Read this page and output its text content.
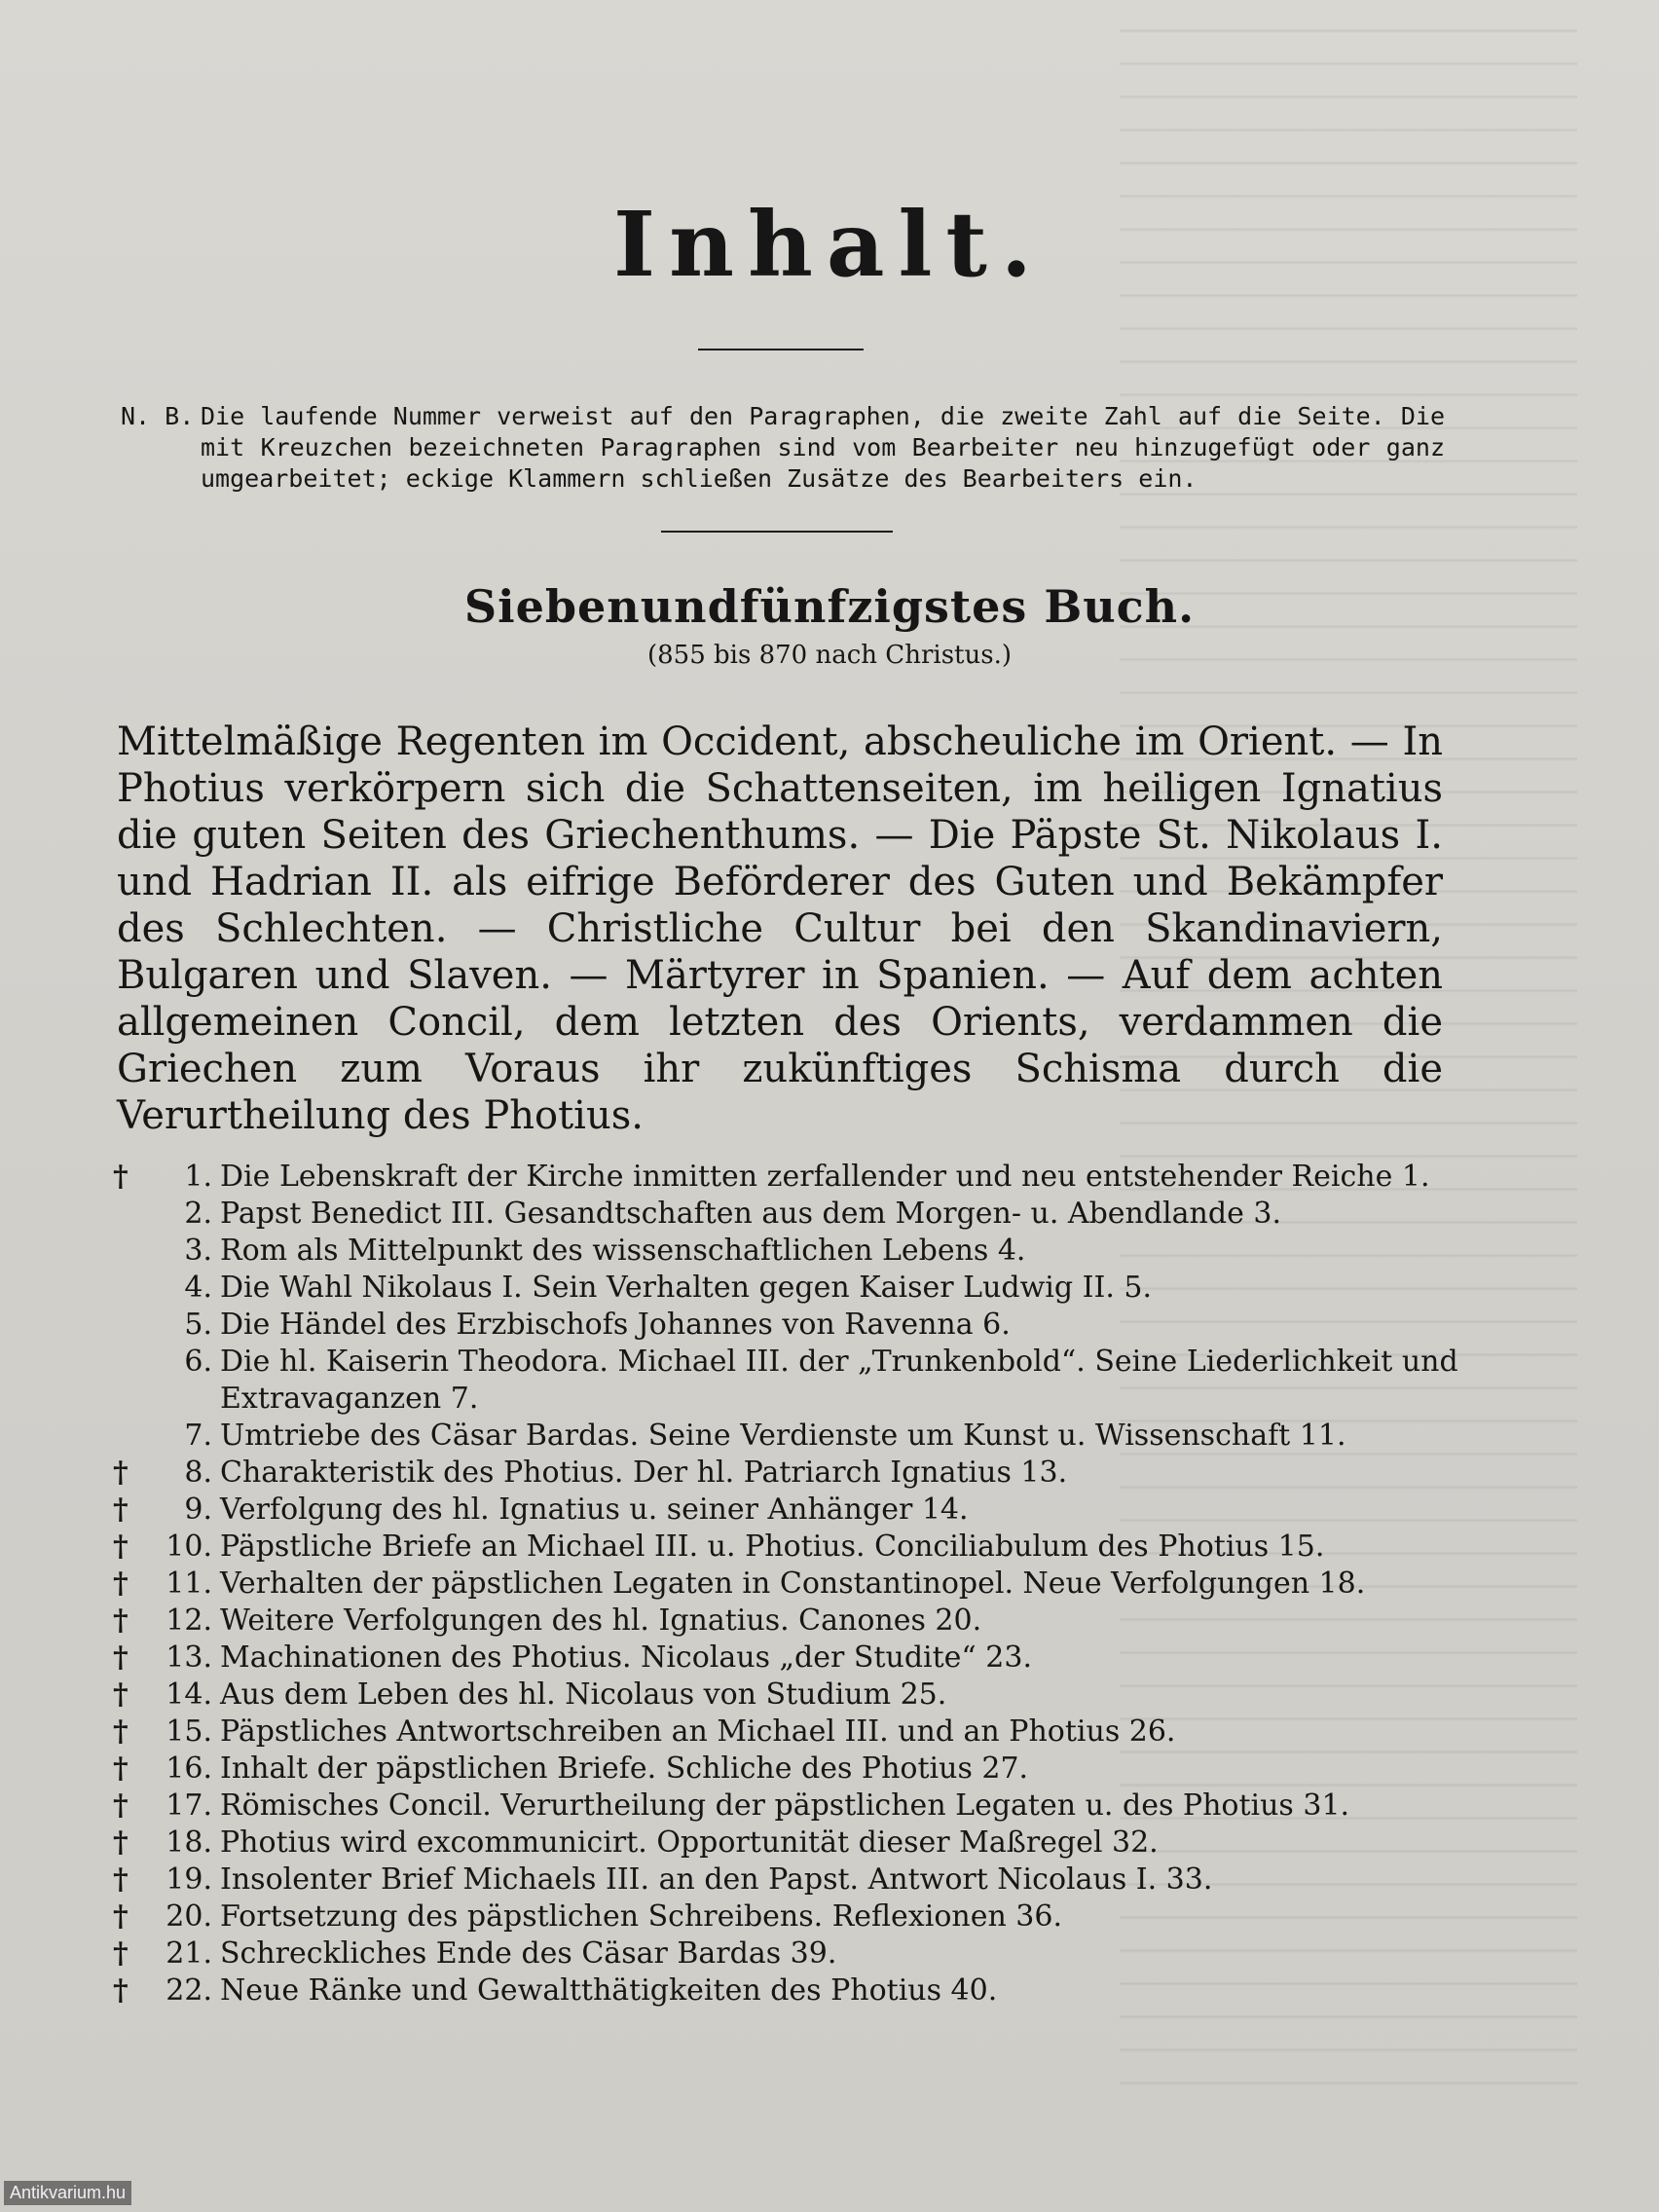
Inhalt.
N. B. Die laufende Nummer verweist auf den Paragraphen, die zweite Zahl auf die Seite. Die mit Kreuzchen bezeichneten Paragraphen sind vom Bearbeiter neu hinzugefügt oder ganz umgearbeitet; eckige Klammern schließen Zusätze des Bearbeiters ein.
Siebenundfünfzigstes Buch.
(855 bis 870 nach Christus.)
Mittelmäßige Regenten im Occident, abscheuliche im Orient. — In Photius verkörpern sich die Schattenseiten, im heiligen Ignatius die guten Seiten des Griechenthums. — Die Päpste St. Nikolaus I. und Hadrian II. als eifrige Beförderer des Guten und Bekämpfer des Schlechten. — Christliche Cultur bei den Skandinaviern, Bulgaren und Slaven. — Märtyrer in Spanien. — Auf dem achten allgemeinen Concil, dem letzten des Orients, verdammen die Griechen zum Voraus ihr zukünftiges Schisma durch die Verurtheilung des Photius.
†	1. Die Lebenskraft der Kirche inmitten zerfallender und neu entstehender Reiche 1.
2. Papst Benedict III. Gesandtschaften aus dem Morgen- u. Abendlande 3.
3. Rom als Mittelpunkt des wissenschaftlichen Lebens 4.
4. Die Wahl Nikolaus I. Sein Verhalten gegen Kaiser Ludwig II. 5.
5. Die Händel des Erzbischofs Johannes von Ravenna 6.
6. Die hl. Kaiserin Theodora. Michael III. der „Trunkenbold“. Seine Liederlichkeit und Extravaganzen 7.
7. Umtriebe des Cäsar Bardas. Seine Verdienste um Kunst u. Wissenschaft 11.
†	8. Charakteristik des Photius. Der hl. Patriarch Ignatius 13.
†	9. Verfolgung des hl. Ignatius u. seiner Anhänger 14.
†	10. Päpstliche Briefe an Michael III. u. Photius. Conciliabulum des Photius 15.
†	11. Verhalten der päpstlichen Legaten in Constantinopel. Neue Verfolgungen 18.
†	12. Weitere Verfolgungen des hl. Ignatius. Canones 20.
†	13. Machinationen des Photius. Nicolaus „der Studite“ 23.
†	14. Aus dem Leben des hl. Nicolaus von Studium 25.
†	15. Päpstliches Antwortschreiben an Michael III. und an Photius 26.
†	16. Inhalt der päpstlichen Briefe. Schliche des Photius 27.
†	17. Römisches Concil. Verurtheilung der päpstlichen Legaten u. des Photius 31.
†	18. Photius wird excommunicirt. Opportunität dieser Maßregel 32.
†	19. Insolenter Brief Michaels III. an den Papst. Antwort Nicolaus I. 33.
†	20. Fortsetzung des päpstlichen Schreibens. Reflexionen 36.
†	21. Schreckliches Ende des Cäsar Bardas 39.
†	22. Neue Ränke und Gewaltthätigkeiten des Photius 40.
Antikvarium.hu
